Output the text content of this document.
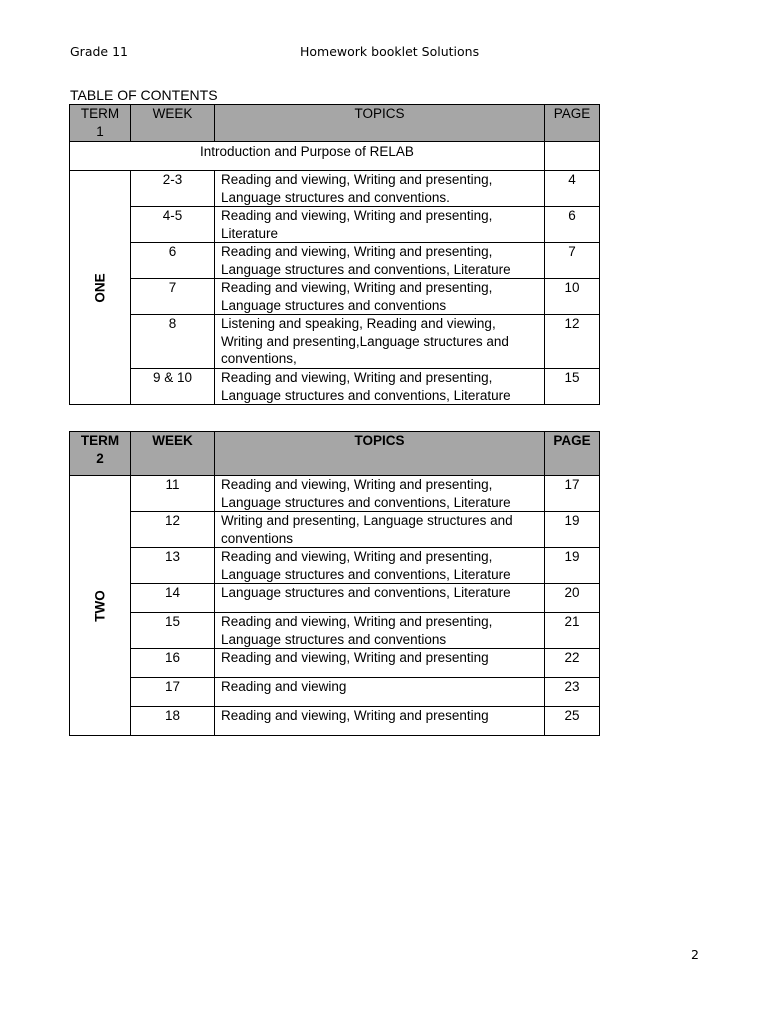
Grade 11	Homework booklet Solutions
TABLE OF CONTENTS
TERM 1	WEEK	TOPICS	PAGE
Introduction and Purpose of RELAB			

ONE	2-3	Reading and viewing, Writing and presenting, Language structures and conventions.	4
	4-5	Reading and viewing, Writing and presenting, Literature	6
	6	Reading and viewing, Writing and presenting, Language structures and conventions, Literature	7
	7	Reading and viewing, Writing and presenting, Language structures and conventions	10
	8	Listening and speaking, Reading and viewing, Writing and presenting,Language structures and conventions,	12
	9 & 10	Reading and viewing, Writing and presenting, Language structures and conventions, Literature	15
TERM 2	WEEK	TOPICS	PAGE

TWO	11	Reading and viewing, Writing and presenting, Language structures and conventions, Literature	17
	12	Writing and presenting, Language structures and conventions	19
	13	Reading and viewing, Writing and presenting, Language structures and conventions, Literature	19
	14	Language structures and conventions, Literature	20
	15	Reading and viewing, Writing and presenting, Language structures and conventions	21
	16	Reading and viewing, Writing and presenting	22
	17	Reading and viewing	23
	18	Reading and viewing, Writing and presenting	25
2
